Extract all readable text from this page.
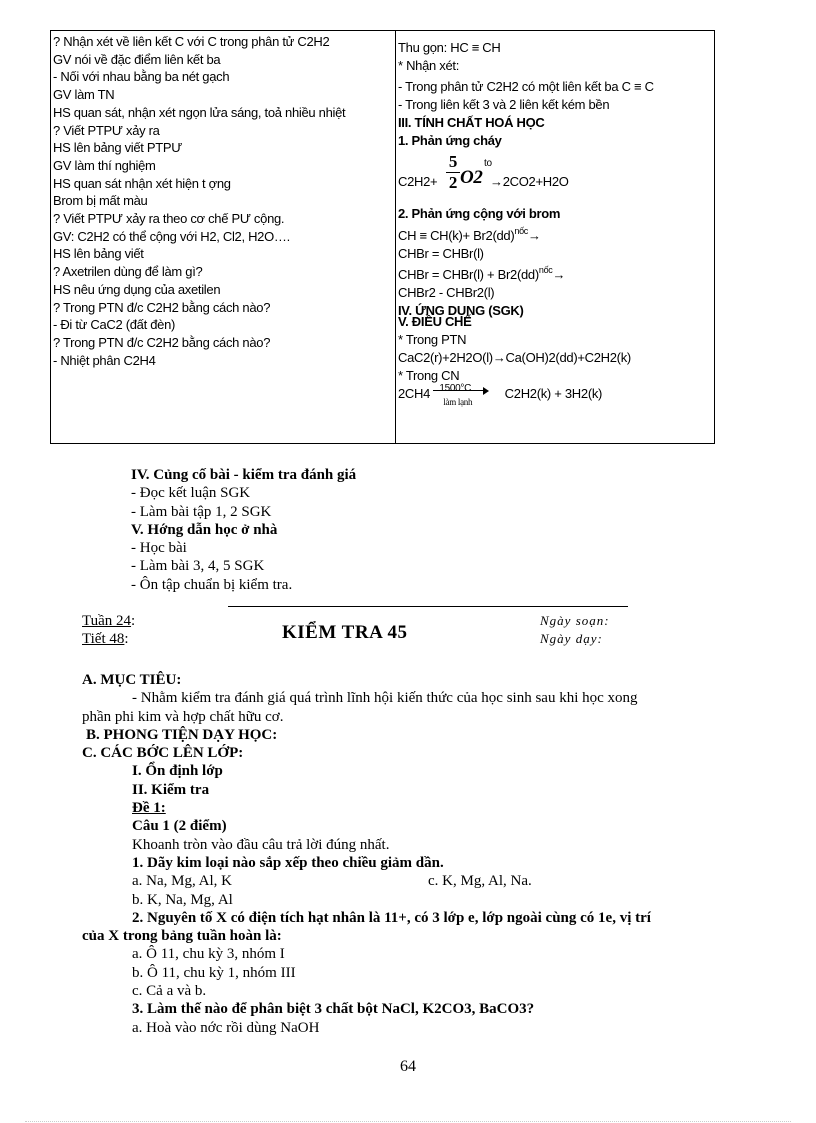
? Nhận xét về liên kết C với C trong phân tử C2H2
GV nói về đặc điểm liên kết ba
- Nối với nhau bằng ba nét gạch
GV làm TN
HS quan sát, nhận xét ngọn lửa sáng, toả nhiều nhiệt
? Viết PTPƯ xảy ra
HS lên bảng viết PTPƯ
GV làm thí nghiệm
HS quan sát nhận xét hiện t ợng
Brom bị mất màu
? Viết PTPƯ xảy ra theo cơ chế PƯ cộng.
GV: C2H2 có thể cộng với H2, Cl2, H2O….
HS lên bảng viết
? Axetrilen dùng để làm gì?
HS nêu ứng dụng của axetilen
? Trong PTN đ/c C2H2 bằng cách nào?
- Đi từ CaC2 (đất đèn)
? Trong PTN đ/c C2H2 bằng cách nào?
- Nhiệt phân C2H4
Thu gọn: HC ≡ CH
* Nhận xét:
- Trong phân tử C2H2 có một liên kết ba C ≡ C
- Trong liên kết 3 và 2 liên kết kém bền
III. TÍNH CHẤT HOÁ HỌC
1. Phản ứng cháy
C2H2+
5
2 O2
to
→2CO2+H2O
2. Phản ứng cộng với brom
CH ≡ CH(k)+ Br2(dd)$^{nốc}$→
CHBr = CHBr(l)
CHBr = CHBr(l) + Br2(dd)$^{nốc}$→
CHBr2 - CHBr2(l)
IV. ỨNG DỤNG (SGK)
V. ĐIỀU CHẾ
* Trong PTN
CaC2(r)+2H2O(l)→Ca(OH)2(dd)+C2H2(k)
* Trong CN
2CH4 1500°C
làm lạnh
C2H2(k) + 3H2(k)
IV. Củng cố bài - kiểm tra đánh giá
- Đọc kết luận SGK
- Làm bài tập 1, 2 SGK
V. Hớng dẫn học ở nhà
- Học bài
- Làm bài 3, 4, 5 SGK
- Ôn tập chuẩn bị kiểm tra.
Tuần 24:
Tiết 48:	KIỂM TRA 45
Ngày soạn:
Ngày dạy:
A. MỤC TIÊU:
- Nhằm kiểm tra đánh giá quá trình lĩnh hội kiến thức của học sinh sau khi học xong
phần phi kim và hợp chất hữu cơ.
B. PHONG TIỆN DẠY HỌC:
C. CÁC BỚC LÊN LỚP:
I. Ổn định lớp
II. Kiểm tra
Đề 1:
Câu 1 (2 điểm)
Khoanh tròn vào đầu câu trả lời đúng nhất.
1. Dãy kim loại nào sắp xếp theo chiều giảm dần.
a. Na, Mg, Al, K	c. K, Mg, Al, Na.
b. K, Na, Mg, Al
2. Nguyên tố X có điện tích hạt nhân là 11+, có 3 lớp e, lớp ngoài cùng có 1e, vị trí
của X trong bảng tuần hoàn là:
a. Ô 11, chu kỳ 3, nhóm I
b. Ô 11, chu kỳ 1, nhóm III
c. Cả a và b.
3. Làm thế nào để phân biệt 3 chất bột NaCl, K2CO3, BaCO3?
a. Hoà vào nớc rồi dùng NaOH
64
